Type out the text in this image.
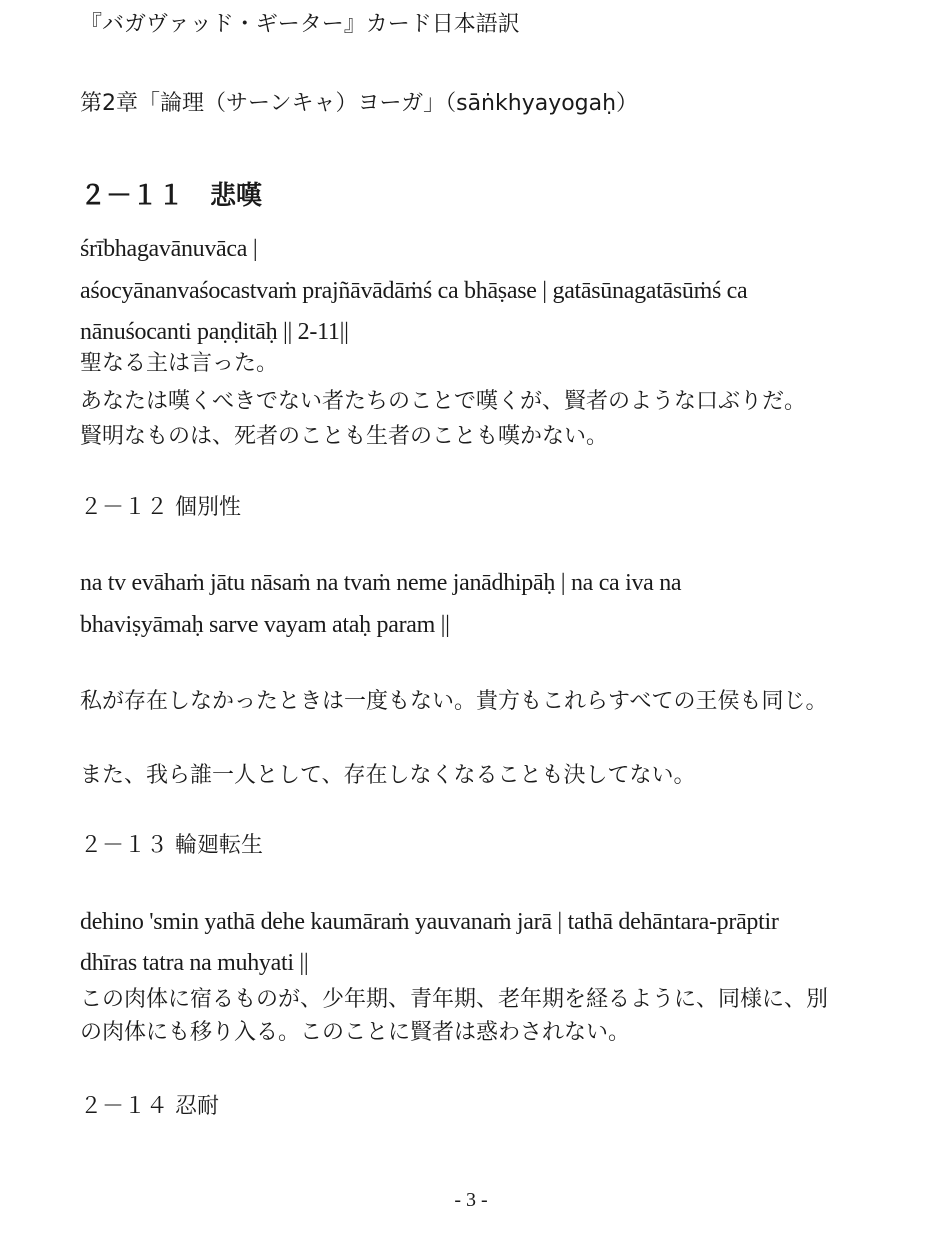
『バガヴァッド・ギーター』カード日本語訳
第2章「論理（サーンキャ）ヨーガ」（sāṅkhyayogaḥ）
２－１１　悲嘆
śrībhagavānuvāca |
aśocyānanvaśocastvaṁ prajñāvādāṁś ca bhāṣase | gatāsūnagatāsūṁś ca
nānuśocanti paṇḍitāḥ || 2-11||
聖なる主は言った。
あなたは嘆くべきでない者たちのことで嘆くが、賢者のような口ぶりだ。
賢明なものは、死者のことも生者のことも嘆かない。
２－１２ 個別性
na tv evāhaṁ jātu nāsaṁ na tvaṁ neme janādhipāḥ | na ca iva na
bhaviṣyāmaḥ sarve vayam ataḥ param ||
私が存在しなかったときは一度もない。貴方もこれらすべての王侯も同じ。
また、我ら誰一人として、存在しなくなることも決してない。
２－１３ 輪廻転生
dehino 'smin yathā dehe kaumāraṁ yauvanaṁ jarā | tathā dehāntara-prāptir
dhīras tatra na muhyati ||
この肉体に宿るものが、少年期、青年期、老年期を経るように、同様に、別
の肉体にも移り入る。このことに賢者は惑わされない。
２－１４ 忍耐
- 3 -
